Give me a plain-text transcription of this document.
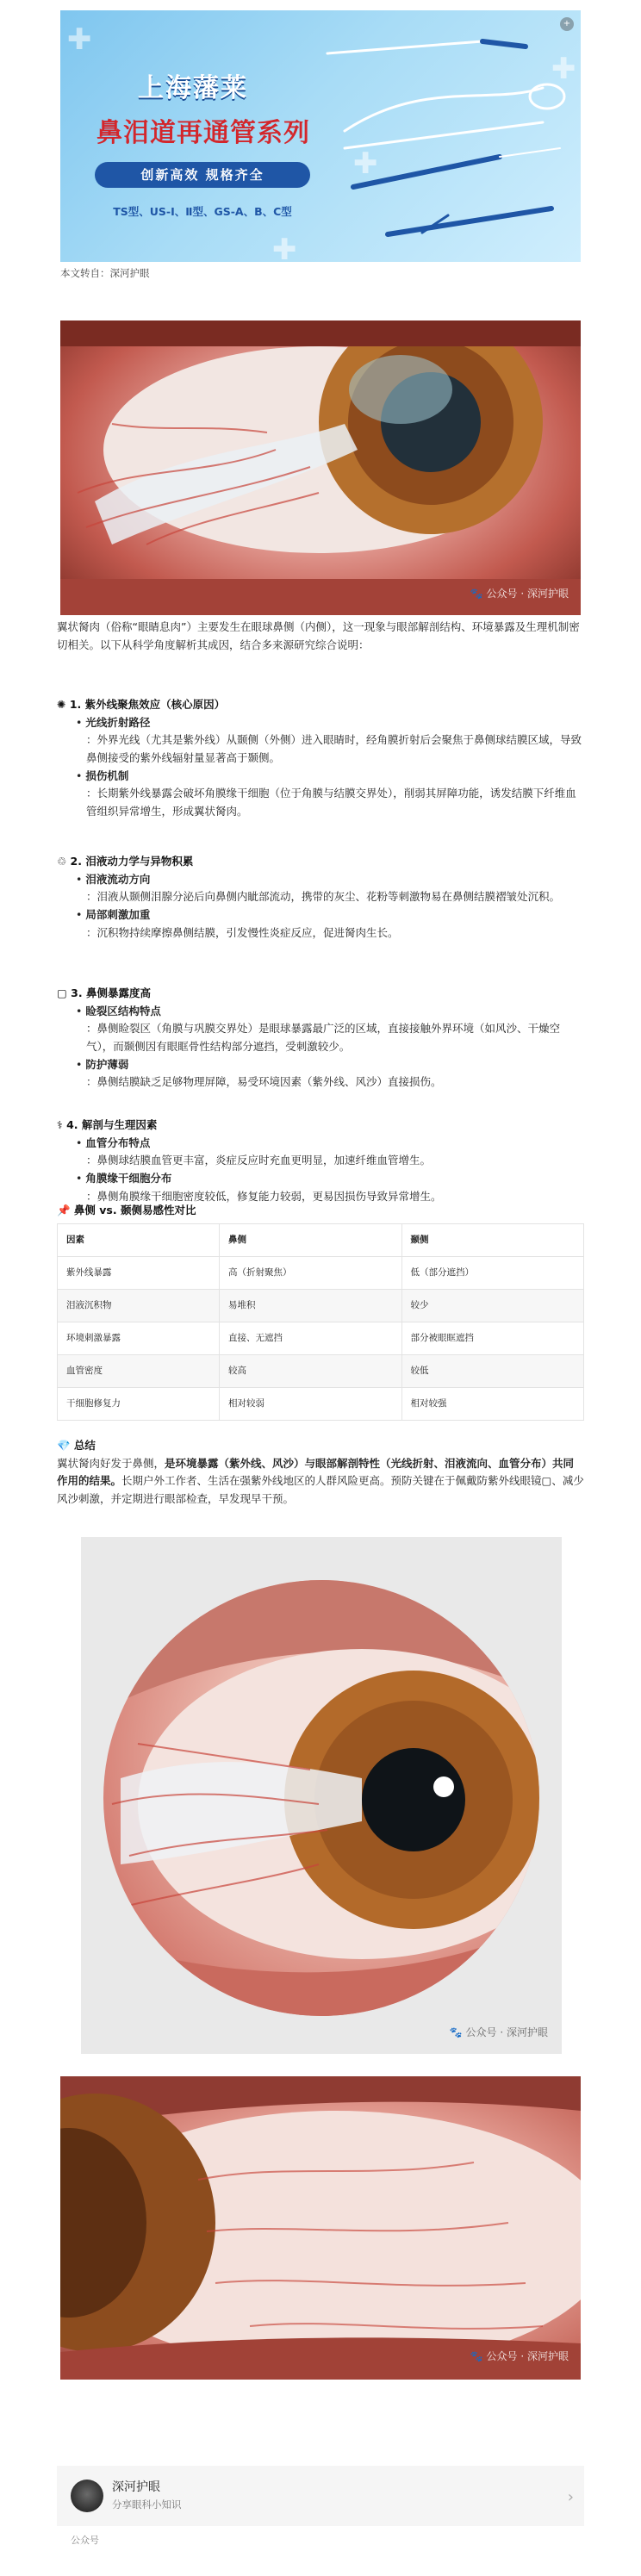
✚
✚
✚
✚
上海藩莱
鼻泪道再通管系列
创新高效 规格齐全
TS型、US-Ⅰ、Ⅱ型、GS-A、B、C型
+
本文转自：深河护眼
🐾 公众号 · 深河护眼
翼状胬肉（俗称“眼睛息肉”）主要发生在眼球鼻侧（内侧），这一现象与眼部解剖结构、环境暴露及生理机制密切相关。以下从科学角度解析其成因，结合多来源研究综合说明：
✺ 1. 紫外线聚焦效应（核心原因）
• 光线折射路径
：外界光线（尤其是紫外线）从颞侧（外侧）进入眼睛时，经角膜折射后会聚焦于鼻侧球结膜区域，导致鼻侧接受的紫外线辐射量显著高于颞侧。
• 损伤机制
：长期紫外线暴露会破坏角膜缘干细胞（位于角膜与结膜交界处），削弱其屏障功能，诱发结膜下纤维血管组织异常增生，形成翼状胬肉。
♲ 2. 泪液动力学与异物积累
• 泪液流动方向
：泪液从颞侧泪腺分泌后向鼻侧内眦部流动，携带的灰尘、花粉等刺激物易在鼻侧结膜褶皱处沉积。
• 局部刺激加重
：沉积物持续摩擦鼻侧结膜，引发慢性炎症反应，促进胬肉生长。
▢ 3. 鼻侧暴露度高
• 睑裂区结构特点
：鼻侧睑裂区（角膜与巩膜交界处）是眼球暴露最广泛的区域，直接接触外界环境（如风沙、干燥空气），而颞侧因有眼眶骨性结构部分遮挡，受刺激较少。
• 防护薄弱
：鼻侧结膜缺乏足够物理屏障，易受环境因素（紫外线、风沙）直接损伤。
⚕ 4. 解剖与生理因素
• 血管分布特点
：鼻侧球结膜血管更丰富，炎症反应时充血更明显，加速纤维血管增生。
• 角膜缘干细胞分布
：鼻侧角膜缘干细胞密度较低，修复能力较弱，更易因损伤导致异常增生。
📌 鼻侧 vs. 颞侧易感性对比
因素	鼻侧	颞侧
紫外线暴露	高（折射聚焦）	低（部分遮挡）
泪液沉积物	易堆积	较少
环境刺激暴露	直接、无遮挡	部分被眼眶遮挡
血管密度	较高	较低
干细胞修复力	相对较弱	相对较强
💎 总结
翼状胬肉好发于鼻侧，是环境暴露（紫外线、风沙）与眼部解剖特性（光线折射、泪液流向、血管分布）共同作用的结果。长期户外工作者、生活在强紫外线地区的人群风险更高。预防关键在于佩戴防紫外线眼镜▢、减少风沙刺激，并定期进行眼部检查，早发现早干预。
🐾 公众号 · 深河护眼
🐾 公众号 · 深河护眼
深河护眼
分享眼科小知识	›
公众号
